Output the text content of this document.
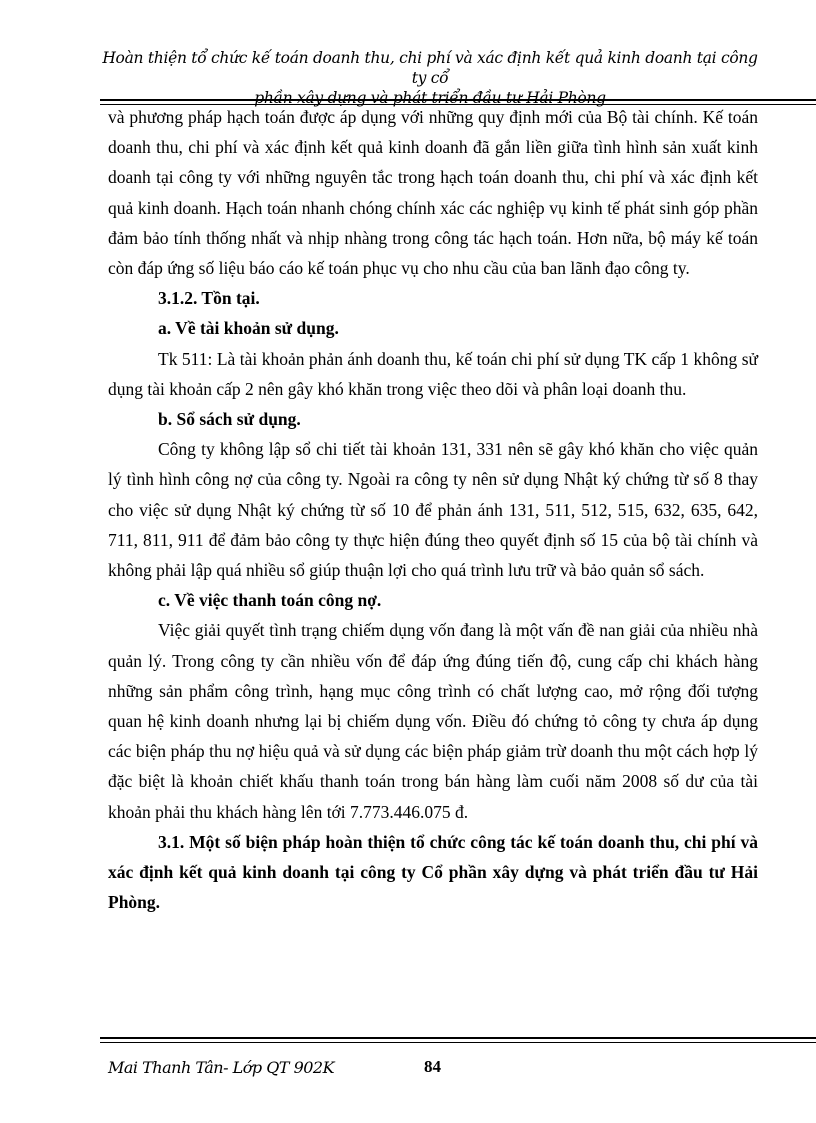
Hoàn thiện tổ chức kế toán doanh thu, chi phí và xác định kết quả kinh doanh tại công ty cổ
phần xây dựng và phát triển đầu tư Hải Phòng

và phương pháp hạch toán được áp dụng với những quy định mới của Bộ tài chính. Kế toán doanh thu, chi phí và xác định kết quả kinh doanh đã gắn liền giữa tình hình sản xuất kinh doanh tại công ty với những nguyên tắc trong hạch toán doanh thu, chi phí và xác định kết quả kinh doanh. Hạch toán nhanh chóng chính xác các nghiệp vụ kinh tế phát sinh góp phần đảm bảo tính thống nhất và nhịp nhàng trong công tác hạch toán. Hơn nữa, bộ máy kế toán còn đáp ứng số liệu báo cáo kế toán phục vụ cho nhu cầu của ban lãnh đạo công ty.

3.1.2. Tồn tại.

a. Về tài khoản sử dụng.

Tk 511: Là tài khoản phản ánh doanh thu, kế toán chi phí sử dụng TK cấp 1 không sử dụng tài khoản cấp 2 nên gây khó khăn trong việc theo dõi và phân loại doanh thu.

b. Sổ sách sử dụng.

Công ty không lập sổ chi tiết tài khoản 131, 331 nên sẽ gây khó khăn cho việc quản lý tình hình công nợ của công ty. Ngoài ra công ty nên sử dụng Nhật ký chứng từ số 8 thay cho việc sử dụng Nhật ký chứng từ số 10 để phản ánh 131, 511, 512, 515, 632, 635, 642, 711, 811, 911 để đảm bảo công ty thực hiện đúng theo quyết định số 15 của bộ tài chính và không phải lập quá nhiều sổ giúp thuận lợi cho quá trình lưu trữ và bảo quản sổ sách.

c. Về việc thanh toán công nợ.

Việc giải quyết tình trạng chiếm dụng vốn đang là một vấn đề nan giải của nhiều nhà quản lý. Trong công ty cần nhiều vốn để đáp ứng đúng tiến độ, cung cấp chi khách hàng những sản phẩm công trình, hạng mục công trình có chất lượng cao, mở rộng đối tượng quan hệ kinh doanh nhưng lại bị chiếm dụng vốn. Điều đó chứng tỏ công ty chưa áp dụng các biện pháp thu nợ hiệu quả và sử dụng các biện pháp giảm trừ doanh thu một cách hợp lý đặc biệt là khoản chiết khấu thanh toán trong bán hàng làm cuối năm 2008 số dư của tài khoản phải thu khách hàng lên tới 7.773.446.075 đ.

3.1. Một số biện pháp hoàn thiện tổ chức công tác kế toán doanh thu, chi phí và xác định kết quả kinh doanh tại công ty Cổ phần xây dựng và phát triển đầu tư Hải Phòng.

Mai Thanh Tân- Lớp QT 902K	84
